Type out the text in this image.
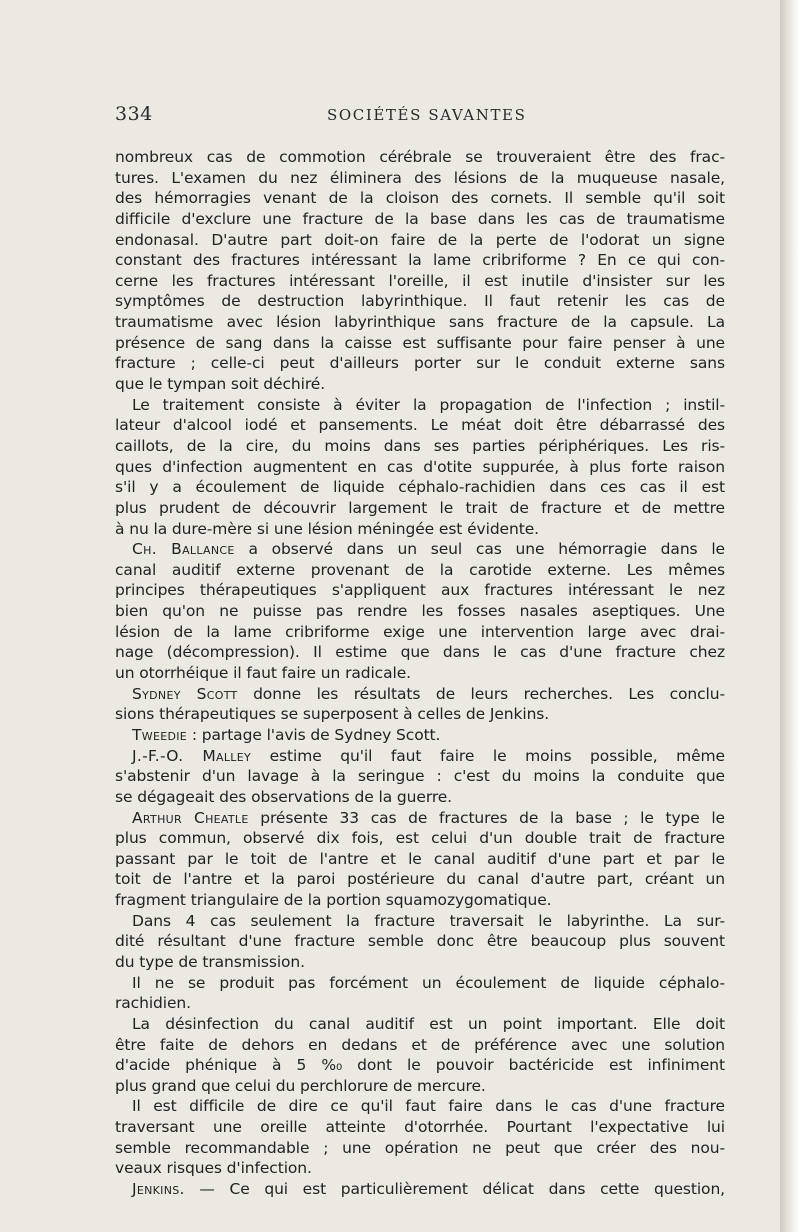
334	SOCIÉTÉS SAVANTES
nombreux cas de commotion cérébrale se trouveraient être des frac-
tures. L'examen du nez éliminera des lésions de la muqueuse nasale,
des hémorragies venant de la cloison des cornets. Il semble qu'il soit
difficile d'exclure une fracture de la base dans les cas de traumatisme
endonasal. D'autre part doit-on faire de la perte de l'odorat un signe
constant des fractures intéressant la lame cribriforme ? En ce qui con-
cerne les fractures intéressant l'oreille, il est inutile d'insister sur les
symptômes de destruction labyrinthique. Il faut retenir les cas de
traumatisme avec lésion labyrinthique sans fracture de la capsule. La
présence de sang dans la caisse est suffisante pour faire penser à une
fracture ; celle-ci peut d'ailleurs porter sur le conduit externe sans
que le tympan soit déchiré.
Le traitement consiste à éviter la propagation de l'infection ; instil-
lateur d'alcool iodé et pansements. Le méat doit être débarrassé des
caillots, de la cire, du moins dans ses parties périphériques. Les ris-
ques d'infection augmentent en cas d'otite suppurée, à plus forte raison
s'il y a écoulement de liquide céphalo-rachidien dans ces cas il est
plus prudent de découvrir largement le trait de fracture et de mettre
à nu la dure-mère si une lésion méningée est évidente.
Ch. Ballance a observé dans un seul cas une hémorragie dans le
canal auditif externe provenant de la carotide externe. Les mêmes
principes thérapeutiques s'appliquent aux fractures intéressant le nez
bien qu'on ne puisse pas rendre les fosses nasales aseptiques. Une
lésion de la lame cribriforme exige une intervention large avec drai-
nage (décompression). Il estime que dans le cas d'une fracture chez
un otorrhéique il faut faire un radicale.
Sydney Scott donne les résultats de leurs recherches. Les conclu-
sions thérapeutiques se superposent à celles de Jenkins.
Tweedie : partage l'avis de Sydney Scott.
J.-F.-O. Malley estime qu'il faut faire le moins possible, même
s'abstenir d'un lavage à la seringue : c'est du moins la conduite que
se dégageait des observations de la guerre.
Arthur Cheatle présente 33 cas de fractures de la base ; le type le
plus commun, observé dix fois, est celui d'un double trait de fracture
passant par le toit de l'antre et le canal auditif d'une part et par le
toit de l'antre et la paroi postérieure du canal d'autre part, créant un
fragment triangulaire de la portion squamozygomatique.
Dans 4 cas seulement la fracture traversait le labyrinthe. La sur-
dité résultant d'une fracture semble donc être beaucoup plus souvent
du type de transmission.
Il ne se produit pas forcément un écoulement de liquide céphalo-
rachidien.
La désinfection du canal auditif est un point important. Elle doit
être faite de dehors en dedans et de préférence avec une solution
d'acide phénique à 5 %₀ dont le pouvoir bactéricide est infiniment
plus grand que celui du perchlorure de mercure.
Il est difficile de dire ce qu'il faut faire dans le cas d'une fracture
traversant une oreille atteinte d'otorrhée. Pourtant l'expectative lui
semble recommandable ; une opération ne peut que créer des nou-
veaux risques d'infection.
Jenkins. — Ce qui est particulièrement délicat dans cette question,
